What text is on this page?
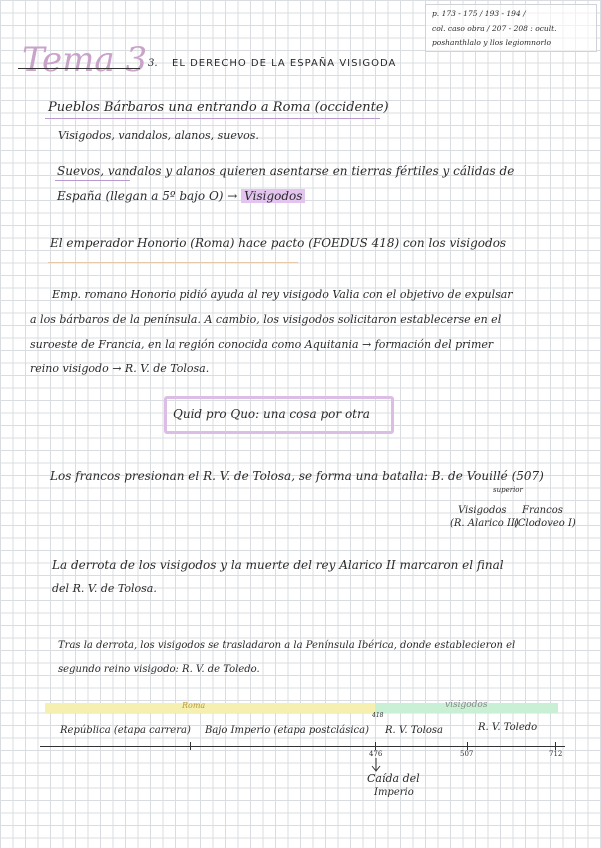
p. 173 - 175 / 193 - 194 /
col. caso obra / 207 - 208 : ocult.
poshanthlalo y llos legiomnorlo
Tema 3 3. EL DERECHO DE LA ESPAÑA VISIGODA
Pueblos Bárbaros una entrando a Roma (occidente)
Visigodos, vandalos, alanos, suevos.
Suevos, vandalos y alanos quieren asentarse en tierras fértiles y cálidas de
España (llegan a 5º bajo O) → Visigodos
El emperador Honorio (Roma) hace pacto (FOEDUS 418) con los visigodos
Emp. romano Honorio pidió ayuda al rey visigodo Valia con el objetivo de expulsar
a los bárbaros de la península. A cambio, los visigodos solicitaron establecerse en el
suroeste de Francia, en la región conocida como Aquitania → formación del primer
reino visigodo → R. V. de Tolosa.
Quid pro Quo: una cosa por otra
Los francos presionan el R. V. de Tolosa, se forma una batalla: B. de Vouillé (507)
superior
Visigodos
(R. Alarico II)
Francos
(Clodoveo I)
La derrota de los visigodos y la muerte del rey Alarico II marcaron el final
del R. V. de Tolosa.
Tras la derrota, los visigodos se trasladaron a la Península Ibérica, donde establecieron el
segundo reino visigodo: R. V. de Toledo.
Roma	visigodos
418
República (etapa carrera) Bajo Imperio (etapa postclásica) R. V. Tolosa	R. V. Toledo
476	507	712
Caída del
Imperio
